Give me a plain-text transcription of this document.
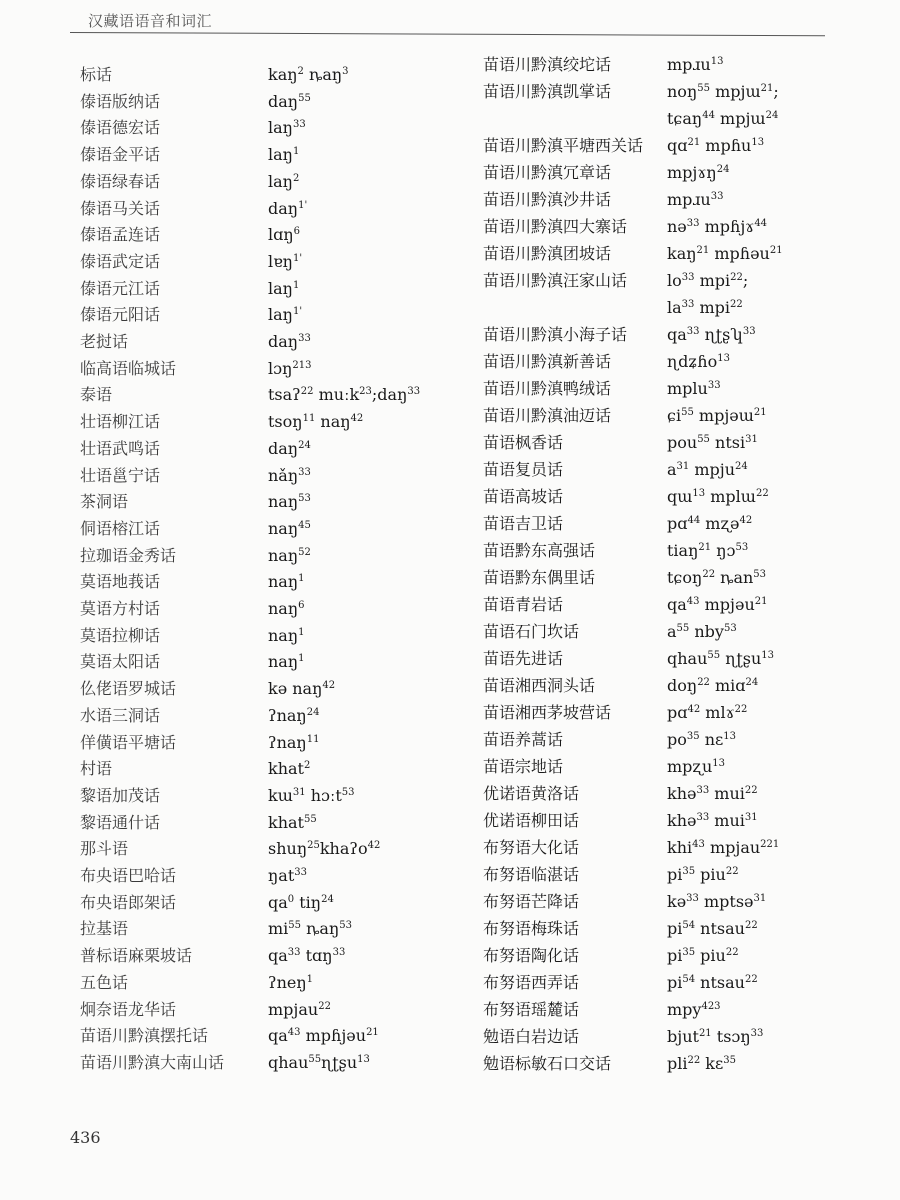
汉藏语语音和词汇
标话	kaŋ$^2$ ȵaŋ$^3$
傣语版纳话	daŋ$^{55}$
傣语德宏话	laŋ$^{33}$
傣语金平话	laŋ$^1$
傣语绿春话	laŋ$^2$
傣语马关话	daŋ$^{1'}$
傣语孟连话	lɑŋ$^6$
傣语武定话	lɐŋ$^{1'}$
傣语元江话	laŋ$^1$
傣语元阳话	laŋ$^{1'}$
老挝话	daŋ$^{33}$
临高语临城话	lɔŋ$^{213}$
泰语	tsaʔ$^{22}$ muːk$^{23}$;daŋ$^{33}$
壮语柳江话	tsoŋ$^{11}$ naŋ$^{42}$
壮语武鸣话	daŋ$^{24}$
壮语邕宁话	nǎŋ$^{33}$
茶洞语	naŋ$^{53}$
侗语榕江话	naŋ$^{45}$
拉珈语金秀话	naŋ$^{52}$
莫语地莪话	naŋ$^1$
莫语方村话	naŋ$^6$
莫语拉柳话	naŋ$^1$
莫语太阳话	naŋ$^1$
仫佬语罗城话	kə naŋ$^{42}$
水语三洞话	ʔnaŋ$^{24}$
佯僙语平塘话	ʔnaŋ$^{11}$
村语	khat$^2$
黎语加茂话	kɯ$^{31}$ hɔːt$^{53}$
黎语通什话	khat$^{55}$
那斗语	shuŋ$^{25}$khaʔo$^{42}$
布央语巴哈话	ŋat$^{33}$
布央语郎架话	$qa^0$ tiŋ$^{24}$
拉基语	$mi^{55}$ ȵaŋ$^{53}$
普标语麻栗坡话	$qa^{33}$ tɑŋ$^{33}$
五色话	ʔneŋ$^1$
炯奈语龙华话	mpjau$^{22}$
苗语川黔滇摆托话	$qa^{43}$ mpɦjəu$^{21}$
苗语川黔滇大南山话	qhau$^{55}$ɳʈʂu$^{13}$
苗语川黔滇绞坨话	mpɹu$^{13}$
苗语川黔滇凯掌话	noŋ$^{55}$ mpjɯ$^{21}$;
tɕaŋ$^{44}$ mpjɯ$^{24}$
苗语川黔滇平塘西关话 qɑ$^{21}$ mpɦu$^{13}$
苗语川黔滇冗章话	mpjɤŋ$^{24}$
苗语川黔滇沙井话	mpɹu$^{33}$
苗语川黔滇四大寨话 nə$^{33}$ mpɦjɤ$^{44}$
苗语川黔滇团坡话	kaŋ$^{21}$ mpɦəu$^{21}$
苗语川黔滇汪家山话 $lo^{33}$ mpi$^{22}$;
$la^{33}$ mpi$^{22}$
苗语川黔滇小海子话 $qa^{33}$ ɳʈʂʮ$^{33}$
苗语川黔滇新善话	ɳdʑɦo$^{13}$
苗语川黔滇鸭绒话	mplu$^{33}$
苗语川黔滇油迈话	ɕi$^{55}$ mpjəɯ$^{21}$
苗语枫香话	pou$^{55}$ ntsi$^{31}$
苗语复员话	$a^{31}$ mpju$^{24}$
苗语高坡话	qɯ$^{13}$ mplɯ$^{22}$
苗语吉卫话	pɑ$^{44}$ mʐə$^{42}$
苗语黔东高强话	tiaŋ$^{21}$ ŋɔ$^{53}$
苗语黔东偶里话	tɕoŋ$^{22}$ ȵan$^{53}$
苗语青岩话	$qa^{43}$ mpjəu$^{21}$
苗语石门坎话	$a^{55}$ nby$^{53}$
苗语先进话	qhau$^{55}$ ɳʈʂu$^{13}$
苗语湘西洞头话	doŋ$^{22}$ miɑ$^{24}$
苗语湘西茅坡营话	pɑ$^{42}$ mlɤ$^{22}$
苗语养蒿话	$po^{35}$ nɛ$^{13}$
苗语宗地话	mpʐu$^{13}$
优诺语黄洛话	khə$^{33}$ mui$^{22}$
优诺语柳田话	khə$^{33}$ mui$^{31}$
布努语大化话	khi$^{43}$ mpjau$^{221}$
布努语临湛话	$pi^{35}$ piu$^{22}$
布努语芒降话	kə$^{33}$ mptsə$^{31}$
布努语梅珠话	$pi^{54}$ ntsau$^{22}$
布努语陶化话	$pi^{35}$ piu$^{22}$
布努语西弄话	$pi^{54}$ ntsau$^{22}$
布努语瑶麓话	mpy$^{423}$
勉语白岩边话	bjut$^{21}$ tsɔŋ$^{33}$
勉语标敏石口交话	pli$^{22}$ kɛ$^{35}$
436
